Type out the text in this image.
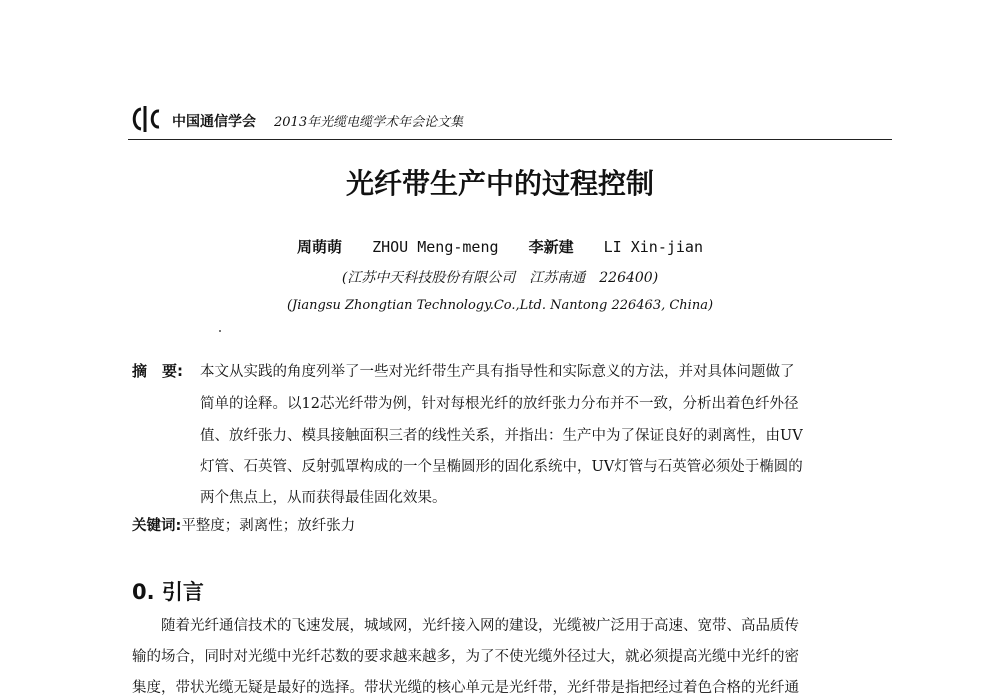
中国通信学会 2013年光缆电缆学术年会论文集
光纤带生产中的过程控制
周萌萌 ZHOU Meng-meng 李新建 LI Xin-jian
(江苏中天科技股份有限公司　江苏南通　226400)
(Jiangsu Zhongtian Technology.Co.,Ltd. Nantong 226463, China)
摘　要: 本文从实践的角度列举了一些对光纤带生产具有指导性和实际意义的方法，并对具体问题做了
简单的诠释。以12芯光纤带为例，针对每根光纤的放纤张力分布并不一致，分析出着色纤外径
值、放纤张力、模具接触面积三者的线性关系，并指出：生产中为了保证良好的剥离性，由UV
灯管、石英管、反射弧罩构成的一个呈椭圆形的固化系统中，UV灯管与石英管必须处于椭圆的
两个焦点上，从而获得最佳固化效果。
关键词:平整度；剥离性；放纤张力
0. 引言
　　随着光纤通信技术的飞速发展，城域网，光纤接入网的建设，光缆被广泛用于高速、宽带、高品质传
输的场合，同时对光缆中光纤芯数的要求越来越多，为了不使光缆外径过大，就必须提高光缆中光纤的密
集度，带状光缆无疑是最好的选择。带状光缆的核心单元是光纤带，光纤带是指把经过着色合格的光纤通
